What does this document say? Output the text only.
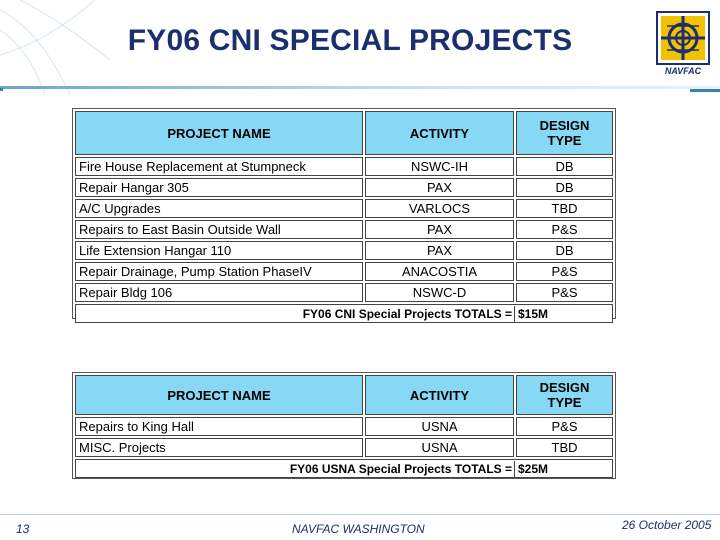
FY06 CNI SPECIAL PROJECTS
NAVFAC
PROJECT NAME	ACTIVITY	DESIGN
TYPE
Fire House Replacement at Stumpneck	NSWC-IH	DB
Repair Hangar 305	PAX	DB
A/C Upgrades	VARLOCS	TBD
Repairs to East Basin Outside Wall	PAX	P&S
Life Extension Hangar 110	PAX	DB
Repair Drainage, Pump Station PhaseIV	ANACOSTIA	P&S
Repair Bldg 106	NSWC-D	P&S
FY06 CNI Special Projects TOTALS = $15M		
PROJECT NAME	ACTIVITY	DESIGN
TYPE
Repairs to King Hall	USNA	P&S
MISC. Projects	USNA	TBD
FY06 USNA Special Projects TOTALS = $25M		
13	NAVFAC WASHINGTON	26 October 2005
